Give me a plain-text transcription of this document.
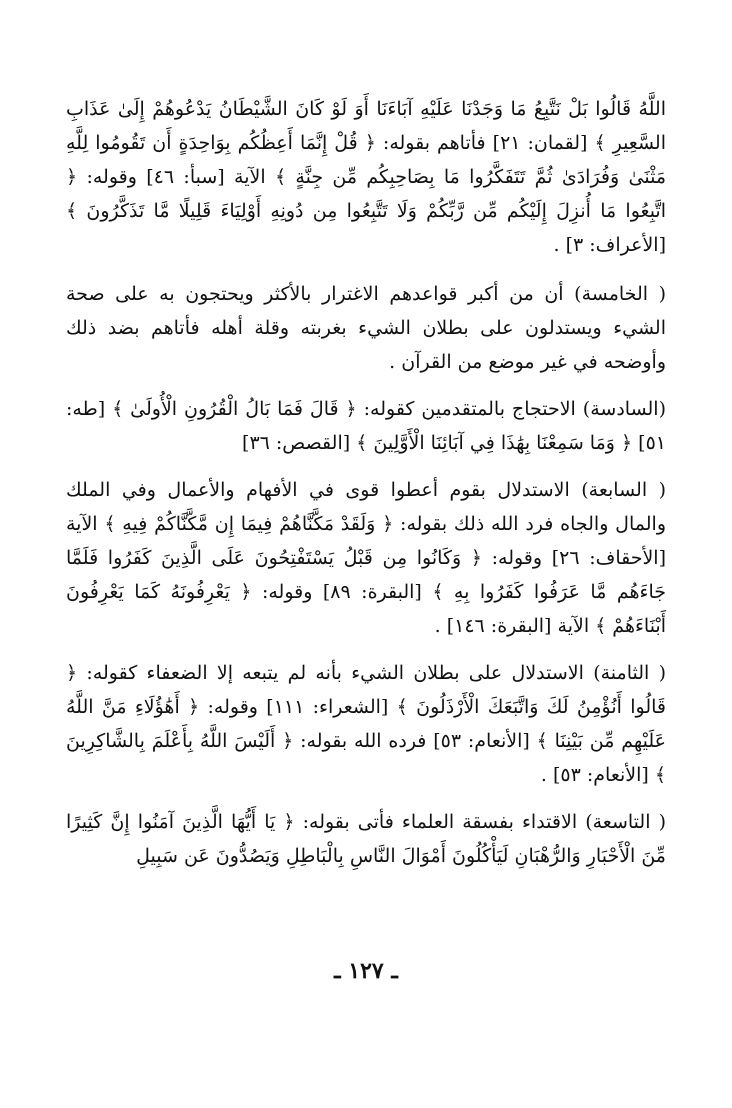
اللَّهُ قَالُوا بَلْ نَتَّبِعُ مَا وَجَدْنَا عَلَيْهِ آبَاءَنَا أَوَ لَوْ كَانَ الشَّيْطَانُ يَدْعُوهُمْ إِلَىٰ عَذَابِ السَّعِيرِ ﴾ [لقمان: ٢١] فأتاهم بقوله: ﴿ قُلْ إِنَّمَا أَعِظُكُم بِوَاحِدَةٍ أَن تَقُومُوا لِلَّهِ مَثْنَىٰ وَفُرَادَىٰ ثُمَّ تَتَفَكَّرُوا مَا بِصَاحِبِكُم مِّن جِنَّةٍ ﴾ الآية [سبأ: ٤٦] وقوله: ﴿ اتَّبِعُوا مَا أُنزِلَ إِلَيْكُم مِّن رَّبِّكُمْ وَلَا تَتَّبِعُوا مِن دُونِهِ أَوْلِيَاءَ قَلِيلًا مَّا تَذَكَّرُونَ ﴾ [الأعراف: ٣] .

( الخامسة) أن من أكبر قواعدهم الاغترار بالأكثر ويحتجون به على صحة الشيء ويستدلون على بطلان الشيء بغربته وقلة أهله فأتاهم بضد ذلك وأوضحه في غير موضع من القرآن .

(السادسة) الاحتجاج بالمتقدمين كقوله: ﴿ قَالَ فَمَا بَالُ الْقُرُونِ الْأُولَىٰ ﴾ [طه: ٥١] ﴿ وَمَا سَمِعْنَا بِهَٰذَا فِي آبَائِنَا الْأَوَّلِينَ ﴾ [القصص: ٣٦]

( السابعة) الاستدلال بقوم أعطوا قوى في الأفهام والأعمال وفي الملك والمال والجاه فرد الله ذلك بقوله: ﴿ وَلَقَدْ مَكَّنَّاهُمْ فِيمَا إِن مَّكَّنَّاكُمْ فِيهِ ﴾ الآية [الأحقاف: ٢٦] وقوله: ﴿ وَكَانُوا مِن قَبْلُ يَسْتَفْتِحُونَ عَلَى الَّذِينَ كَفَرُوا فَلَمَّا جَاءَهُم مَّا عَرَفُوا كَفَرُوا بِهِ ﴾ [البقرة: ٨٩] وقوله: ﴿ يَعْرِفُونَهُ كَمَا يَعْرِفُونَ أَبْنَاءَهُمْ ﴾ الآية [البقرة: ١٤٦] .

( الثامنة) الاستدلال على بطلان الشيء بأنه لم يتبعه إلا الضعفاء كقوله: ﴿ قَالُوا أَنُؤْمِنُ لَكَ وَاتَّبَعَكَ الْأَرْذَلُونَ ﴾ [الشعراء: ١١١] وقوله: ﴿ أَهَٰؤُلَاءِ مَنَّ اللَّهُ عَلَيْهِم مِّن بَيْنِنَا ﴾ [الأنعام: ٥٣] فرده الله بقوله: ﴿ أَلَيْسَ اللَّهُ بِأَعْلَمَ بِالشَّاكِرِينَ ﴾ [الأنعام: ٥٣] .

( التاسعة) الاقتداء بفسقة العلماء فأتى بقوله: ﴿ يَا أَيُّهَا الَّذِينَ آمَنُوا إِنَّ كَثِيرًا مِّنَ الْأَحْبَارِ وَالرُّهْبَانِ لَيَأْكُلُونَ أَمْوَالَ النَّاسِ بِالْبَاطِلِ وَيَصُدُّونَ عَن سَبِيلِ

ـ ١٢٧ ـ
